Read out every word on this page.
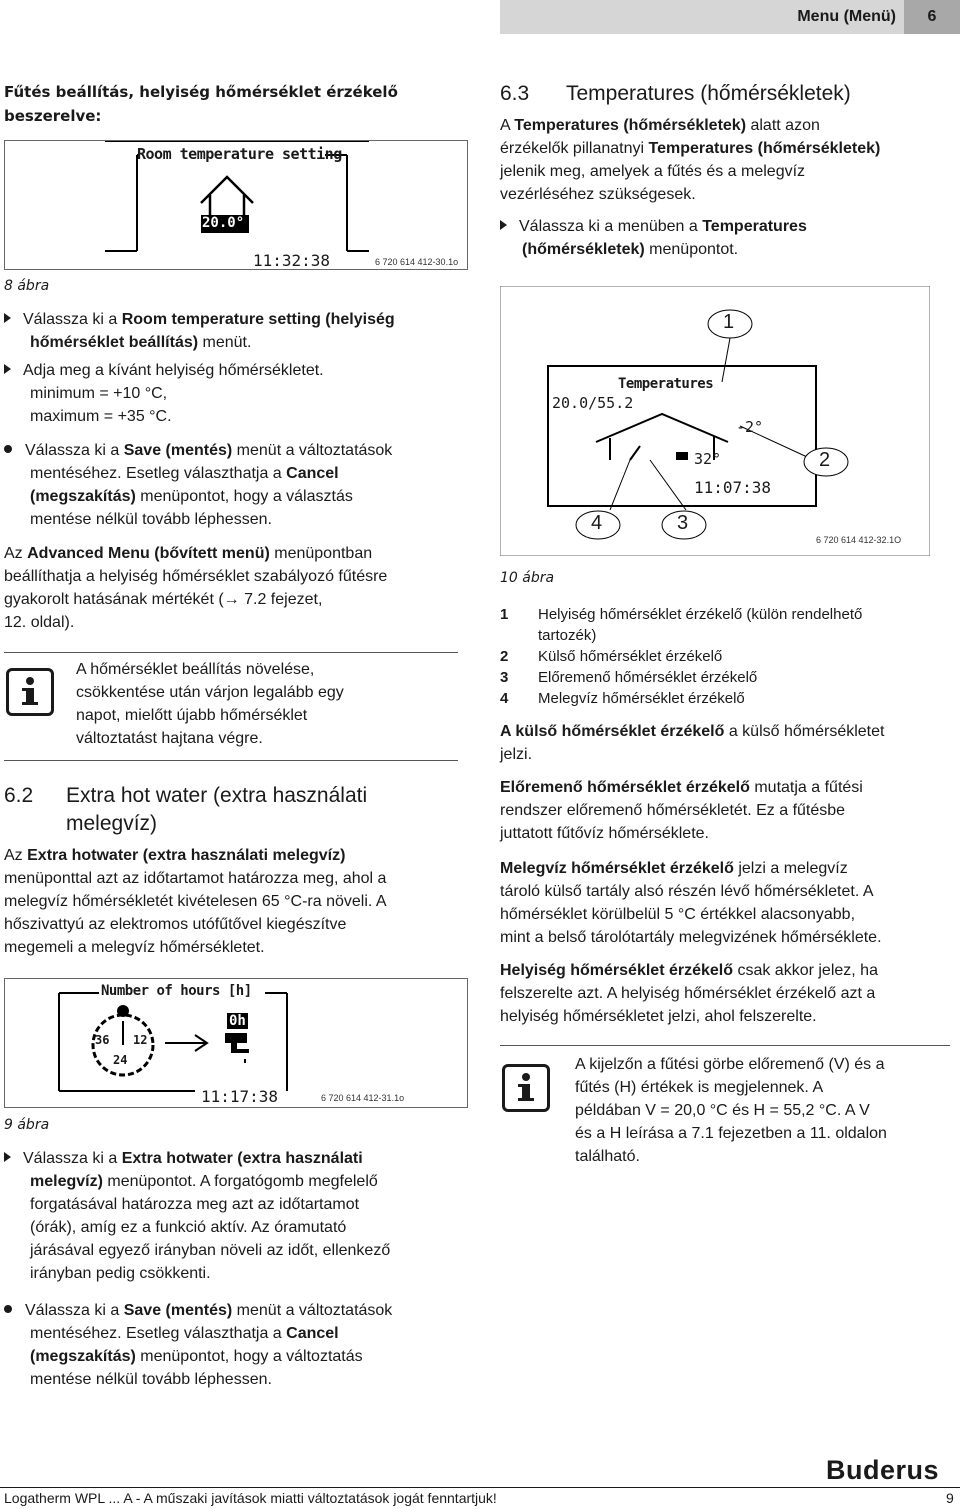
Menu (Menü)	6
Fűtés beállítás, helyiség hőmérséklet érzékelő beszerelve:
Room temperature setting
20.0°
11:32:38	6 720 614 412-30.1o
8 ábra
Válassza ki a Room temperature setting (helyiség
hőmérséklet beállítás) menüt.
Adja meg a kívánt helyiség hőmérsékletet.
minimum = +10 °C,
maximum = +35 °C.
Válassza ki a Save (mentés) menüt a változtatások
mentéséhez. Esetleg választhatja a Cancel
(megszakítás) menüpontot, hogy a választás
mentése nélkül tovább léphessen.
Az Advanced Menu (bővített menü) menüpontban
beállíthatja a helyiség hőmérséklet szabályozó fűtésre
gyakorolt hatásának mértékét (→ 7.2 fejezet,
12. oldal).
A hőmérséklet beállítás növelése,
csökkentése után várjon legalább egy
napot, mielőtt újabb hőmérséklet
változtatást hajtana végre.
6.2 Extra hot water (extra használati
melegvíz)
Az Extra hotwater (extra használati melegvíz)
menüponttal azt az időtartamot határozza meg, ahol a
melegvíz hőmérsékletét kivételesen 65 °C-ra növeli. A
hőszivattyú az elektromos utófűtővel kiegészítve
megemeli a melegvíz hőmérsékletet.
Number of hours [h]
36 12
24
0h
11:17:38	6 720 614 412-31.1o
9 ábra
Válassza ki a Extra hotwater (extra használati
melegvíz) menüpontot. A forgatógomb megfelelő
forgatásával határozza meg azt az időtartamot
(órák), amíg ez a funkció aktív. Az óramutató
járásával egyező irányban növeli az időt, ellenkező
irányban pedig csökkenti.
Válassza ki a Save (mentés) menüt a változtatások
mentéséhez. Esetleg választhatja a Cancel
(megszakítás) menüpontot, hogy a változtatás
mentése nélkül tovább léphessen.
6.3 Temperatures (hőmérsékletek)
A Temperatures (hőmérsékletek) alatt azon
érzékelők pillanatnyi Temperatures (hőmérsékletek)
jelenik meg, amelyek a fűtés és a melegvíz
vezérléséhez szükségesek.
Válassza ki a menüben a Temperatures
(hőmérsékletek) menüpontot.
Temperatures
20.0/55.2
-2°
32°
11:07:38
1
2
3
4
6 720 614 412-32.1O
10 ábra
1 Helyiség hőmérséklet érzékelő (külön rendelhető
tartozék)
2 Külső hőmérséklet érzékelő
3 Előremenő hőmérséklet érzékelő
4 Melegvíz hőmérséklet érzékelő
A külső hőmérséklet érzékelő a külső hőmérsékletet
jelzi.
Előremenő hőmérséklet érzékelő mutatja a fűtési
rendszer előremenő hőmérsékletét. Ez a fűtésbe
juttatott fűtővíz hőmérséklete.
Melegvíz hőmérséklet érzékelő jelzi a melegvíz
tároló külső tartály alsó részén lévő hőmérsékletet. A
hőmérséklet körülbelül 5 °C értékkel alacsonyabb,
mint a belső tárolótartály melegvizének hőmérséklete.
Helyiség hőmérséklet érzékelő csak akkor jelez, ha
felszerelte azt. A helyiség hőmérséklet érzékelő azt a
helyiség hőmérsékletet jelzi, ahol felszerelte.
A kijelzőn a fűtési görbe előremenő (V) és a
fűtés (H) értékek is megjelennek. A
példában V = 20,0 °C és H = 55,2 °C. A V
és a H leírása a 7.1 fejezetben a 11. oldalon
található.
Buderus
Logatherm WPL ... A - A műszaki javítások miatti változtatások jogát fenntartjuk!	9
